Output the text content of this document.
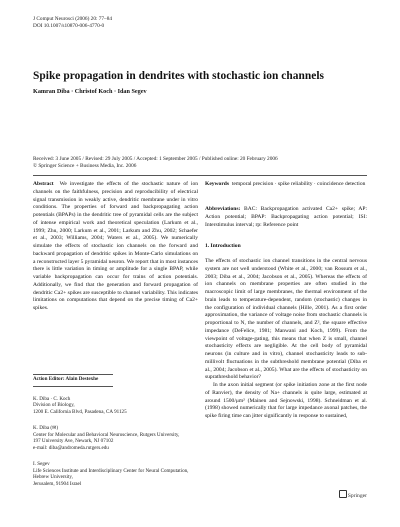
J Comput Neurosci (2006) 20: 77–84
DOI 10.1007/s10870-006-4770-0
Spike propagation in dendrites with stochastic ion channels
Kamran Diba · Christof Koch · Idan Segev
Received: 3 June 2005 / Revised: 29 July 2005 / Accepted: 1 September 2005 / Published online: 20 February 2006
© Springer Science + Business Media, Inc. 2006

Abstract We investigate the effects of the stochastic nature of ion channels on the faithfulness, precision and reproducibility of electrical signal transmission in weakly active, dendritic membrane under in vitro conditions. The properties of forward and backpropagating action potentials (BPAPs) in the dendritic tree of pyramidal cells are the subject of intense empirical work and theoretical speculation (Larkum et al., 1999; Zhu, 2000; Larkum et al., 2001; Larkum and Zhu, 2002; Schaefer et al., 2003; Williams, 2004; Waters et al., 2005). We numerically simulate the effects of stochastic ion channels on the forward and backward propagation of dendritic spikes in Monte-Carlo simulations on a reconstructed layer 5 pyramidal neuron. We report that in most instances there is little variation in timing or amplitude for a single BPAP, while variable backpropagation can occur for trains of action potentials. Additionally, we find that the generation and forward propagation of dendritic Ca2+ spikes are susceptible to channel variability. This indicates limitations on computations that depend on the precise timing of Ca2+ spikes.

Action Editor: Alain Destexhe

K. Diba · C. Koch
Division of Biology,
1200 E. California Blvd, Pasadena, CA 91125

K. Diba (✉)
Center for Molecular and Behavioral Neuroscience, Rutgers University,
197 University Ave, Newark, NJ 07102
e-mail: diba@andromeda.rutgers.edu

I. Segev
Life Sciences Institute and Interdisciplinary Center for Neural Computation, Hebrew University,
Jerusalem, 91904 Israel

Keywords temporal precision · spike reliability · coincidence detection

Abbreviations: BAC: Backpropagation activated Ca2+ spike; AP: Action potential; BPAP: Backpropagating action potential; ISI: Interstimulus interval; rp: Reference point

1. Introduction

The effects of stochastic ion channel transitions in the central nervous system are not well understood (White et al., 2000; van Rossum et al., 2003; Diba et al., 2004; Jacobson et al., 2005). Whereas the effects of ion channels on membrane properties are often studied in the macroscopic limit of large membranes, the thermal environment of the brain leads to temperature-dependent, random (stochastic) changes in the configuration of individual channels (Hille, 2001). As a first order approximation, the variance of voltage noise from stochastic channels is proportional to N, the number of channels, and Z², the square effective impedance (DeFelice, 1981; Manwani and Koch, 1999). From the viewpoint of voltage-gating, this means that when Z is small, channel stochasticity effects are negligible. At the cell body of pyramidal neurons (in culture and in vitro), channel stochasticity leads to sub-millivolt fluctuations in the subthreshold membrane potential (Diba et al., 2004; Jacobson et al., 2005). What are the effects of stochasticity on suprathreshold behavior?

In the axon initial segment (or spike initiation zone at the first node of Ranvier), the density of Na+ channels is quite large, estimated at around 1500/μm² (Mainen and Sejnowski, 1998). Schneidman et al. (1998) showed numerically that for large impedance axonal patches, the spike firing time can jitter significantly in response to sustained,

Springer
